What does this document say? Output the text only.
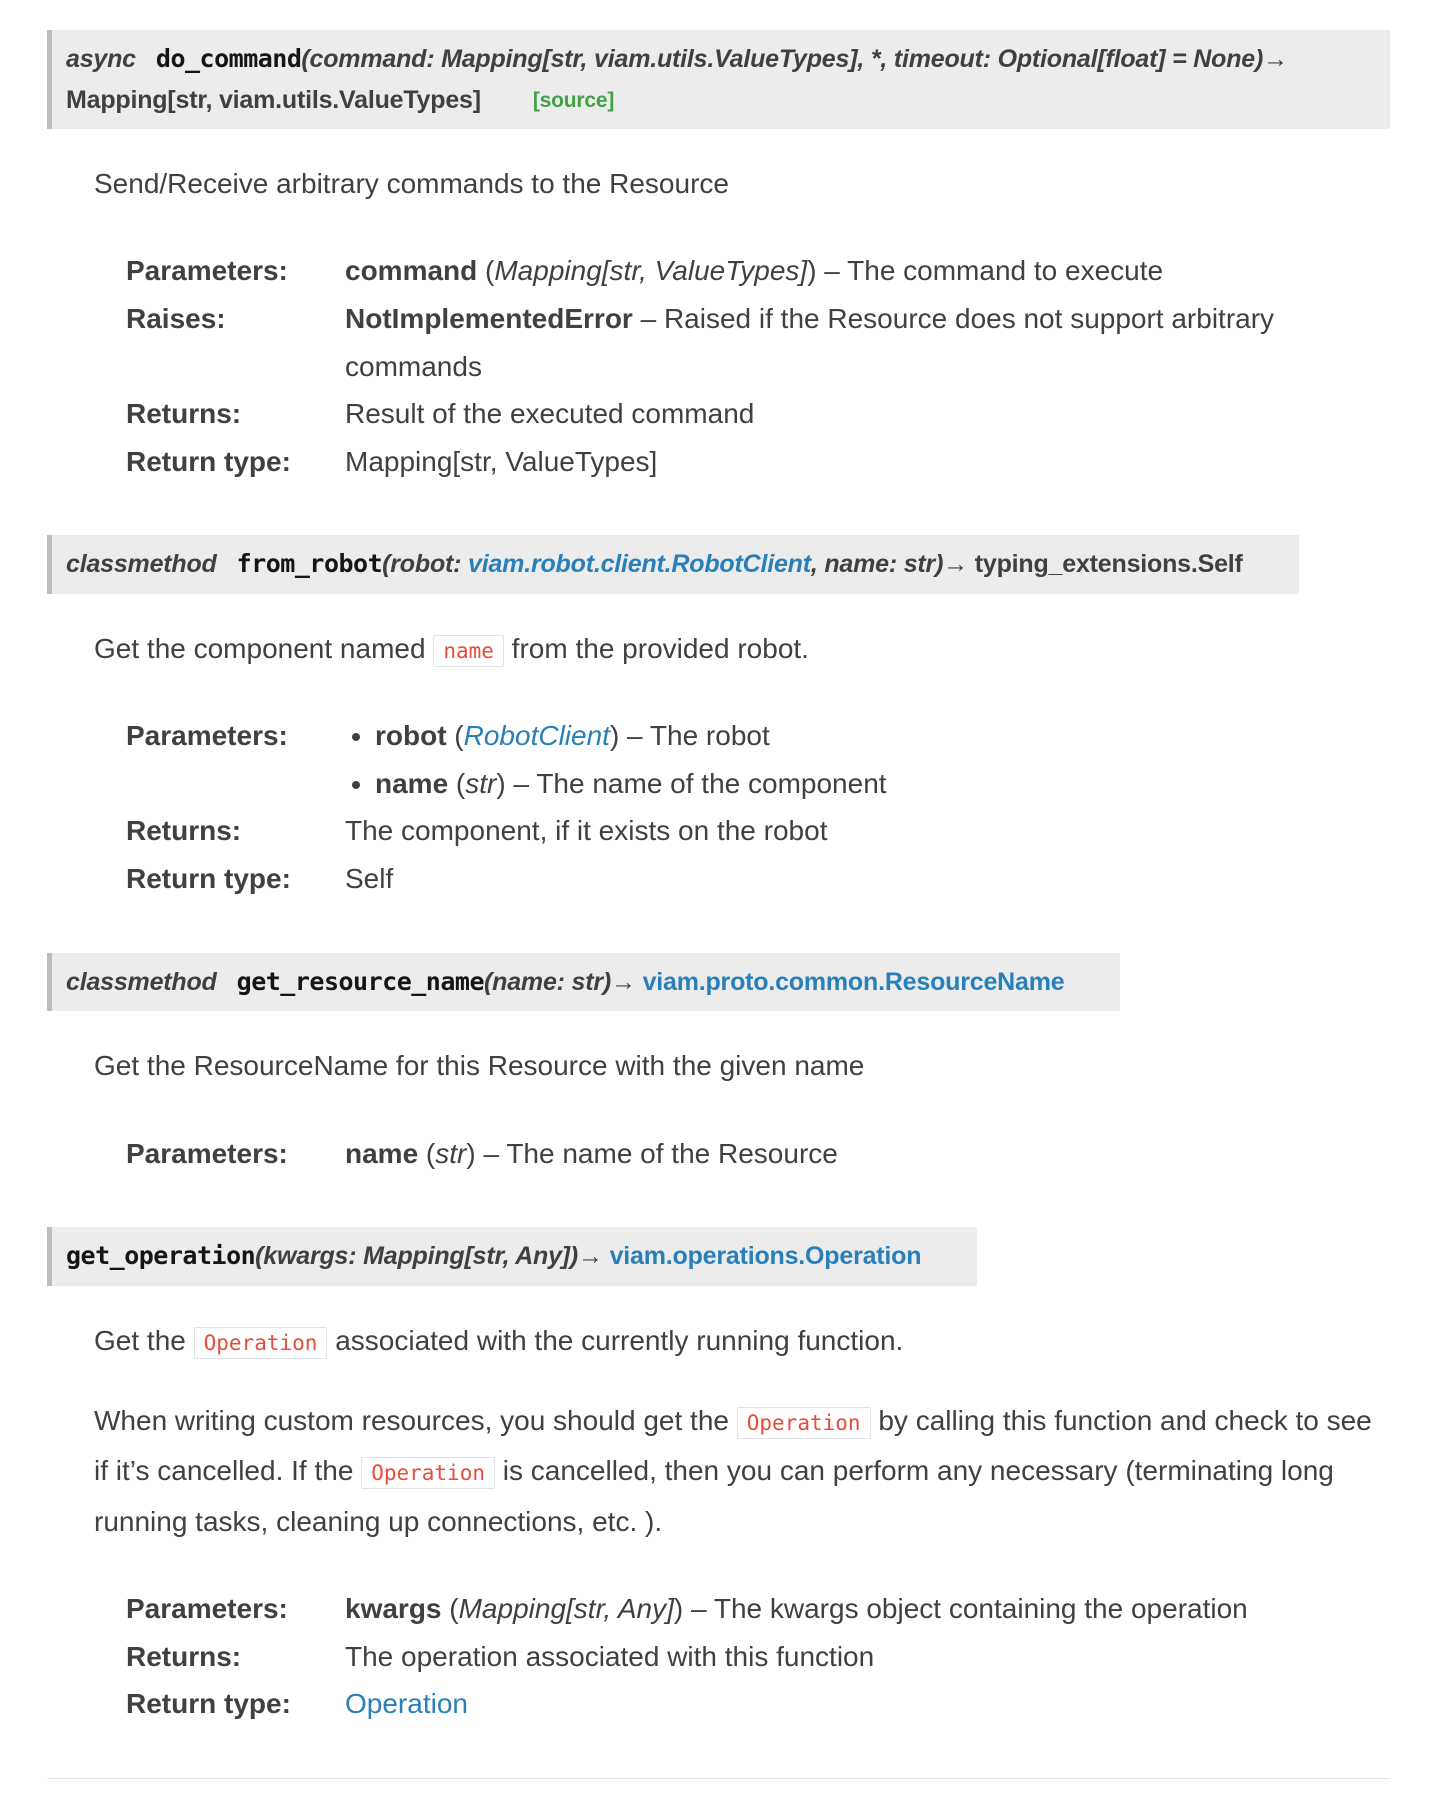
async do_command(command: Mapping[str, viam.utils.ValueTypes], *, timeout: Optional[float] = None)→ Mapping[str, viam.utils.ValueTypes] [source]

Send/Receive arbitrary commands to the Resource

Parameters:	command (Mapping[str, ValueTypes]) – The command to execute
Raises:	NotImplementedError – Raised if the Resource does not support arbitrary commands
Returns:	Result of the executed command
Return type:	Mapping[str, ValueTypes]
classmethod from_robot(robot: viam.robot.client.RobotClient, name: str)→ typing_extensions.Self

Get the component named name from the provided robot.

Parameters:	• robot (RobotClient) – The robot
• name (str) – The name of the component
Returns:	The component, if it exists on the robot
Return type:	Self
classmethod get_resource_name(name: str)→ viam.proto.common.ResourceName

Get the ResourceName for this Resource with the given name

Parameters:	name (str) – The name of the Resource
get_operation(kwargs: Mapping[str, Any])→ viam.operations.Operation

Get the Operation associated with the currently running function.

When writing custom resources, you should get the Operation by calling this function and check to see if it’s cancelled. If the Operation is cancelled, then you can perform any necessary (terminating long running tasks, cleaning up connections, etc. ).

Parameters:	kwargs (Mapping[str, Any]) – The kwargs object containing the operation
Returns:	The operation associated with this function
Return type:	Operation
